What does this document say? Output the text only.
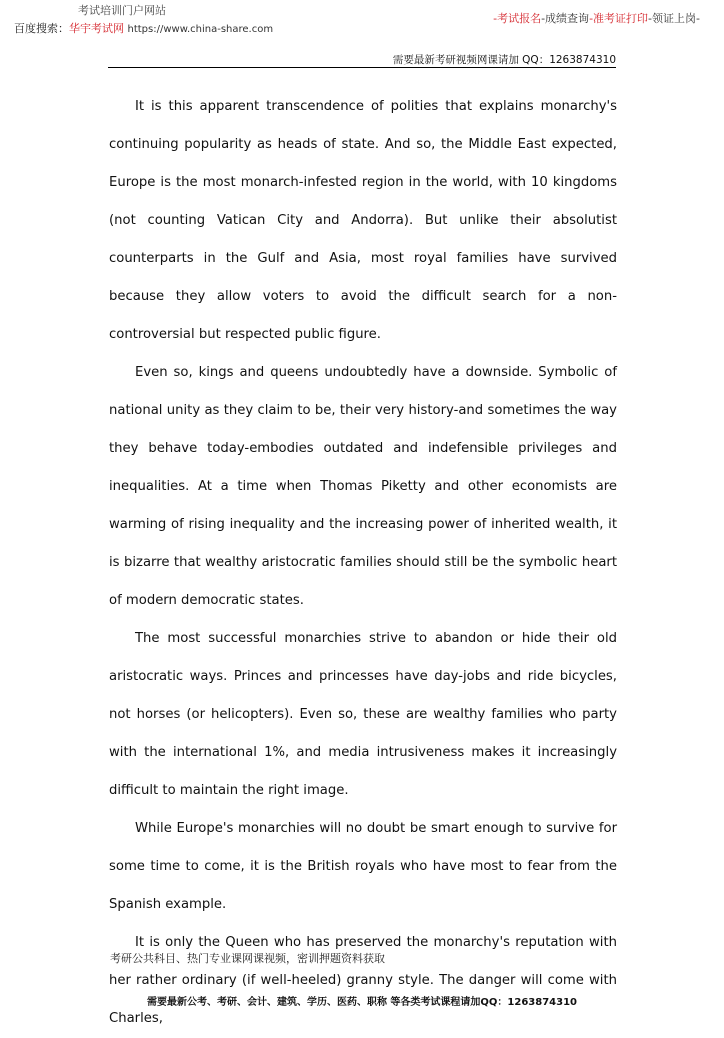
考试培训门户网站
百度搜索：华宇考试网 https://www.china-share.com
-考试报名-成绩查询-准考证打印-领证上岗-
需要最新考研视频网课请加 QQ：1263874310

It is this apparent transcendence of polities that explains monarchy's continuing popularity as heads of state. And so, the Middle East expected, Europe is the most monarch-infested region in the world, with 10 kingdoms (not counting Vatican City and Andorra). But unlike their absolutist counterparts in the Gulf and Asia, most royal families have survived because they allow voters to avoid the difficult search for a non-controversial but respected public figure.

Even so, kings and queens undoubtedly have a downside. Symbolic of national unity as they claim to be, their very history-and sometimes the way they behave today-embodies outdated and indefensible privileges and inequalities. At a time when Thomas Piketty and other economists are warming of rising inequality and the increasing power of inherited wealth, it is bizarre that wealthy aristocratic families should still be the symbolic heart of modern democratic states.

The most successful monarchies strive to abandon or hide their old aristocratic ways. Princes and princesses have day-jobs and ride bicycles, not horses (or helicopters). Even so, these are wealthy families who party with the international 1%, and media intrusiveness makes it increasingly difficult to maintain the right image.

While Europe's monarchies will no doubt be smart enough to survive for some time to come, it is the British royals who have most to fear from the Spanish example.

It is only the Queen who has preserved the monarchy's reputation with her rather ordinary (if well-heeled) granny style. The danger will come with Charles,

考研公共科目、热门专业课网课视频，密训押题资料获取
需要最新公考、考研、会计、建筑、学历、医药、职称 等各类考试课程请加QQ：1263874310
